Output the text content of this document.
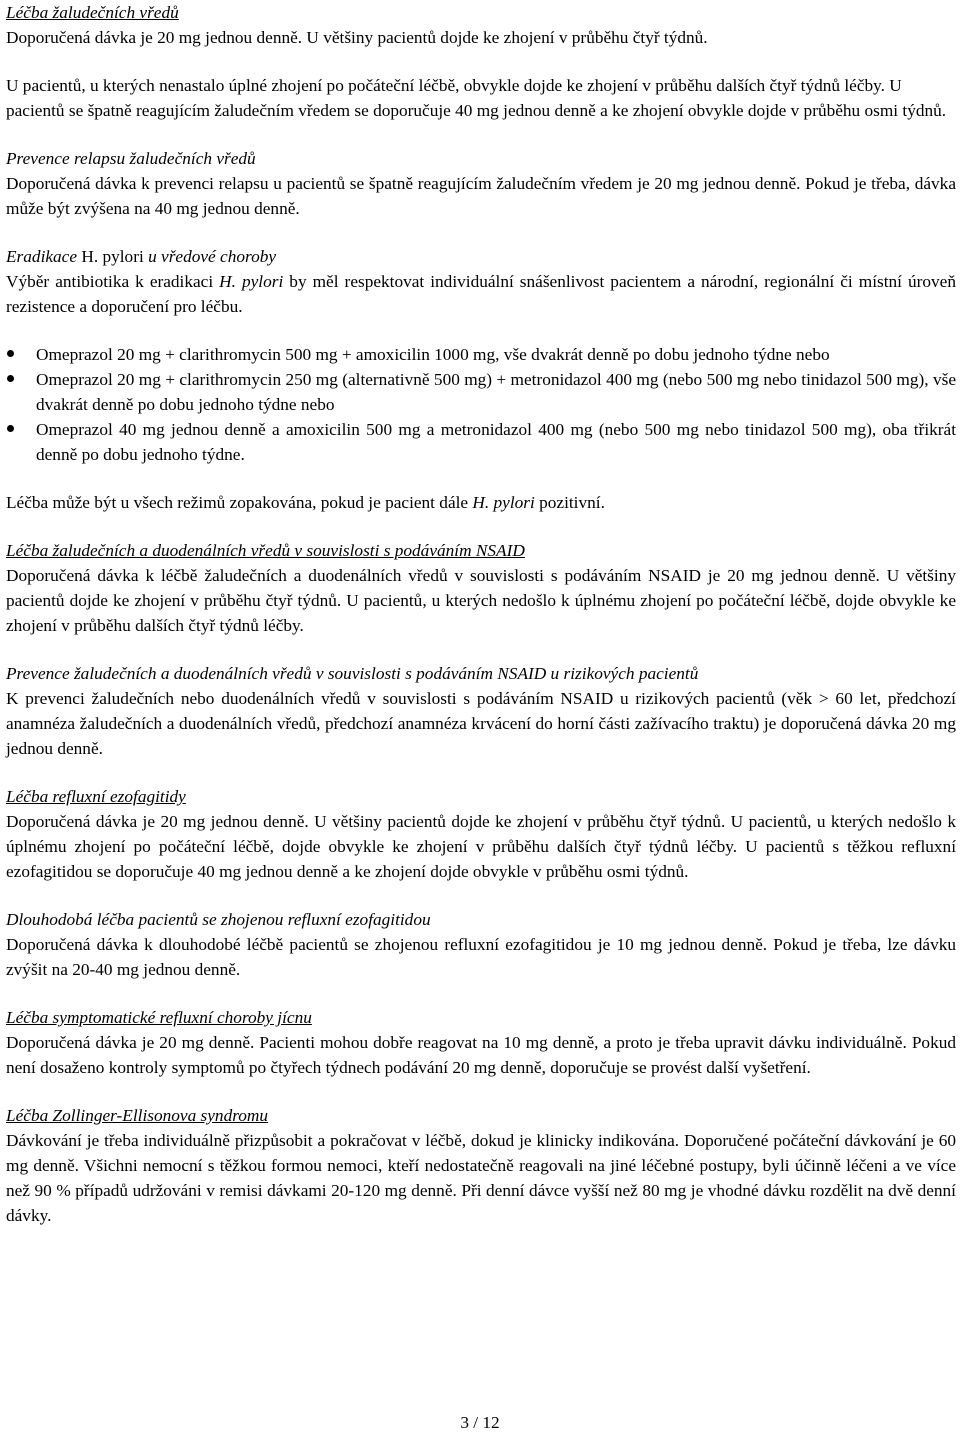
Léčba žaludečních vředů

Doporučená dávka je 20 mg jednou denně. U většiny pacientů dojde ke zhojení v průběhu čtyř týdnů.

U pacientů, u kterých nenastalo úplné zhojení po počáteční léčbě, obvykle dojde ke zhojení v průběhu dalších čtyř týdnů léčby. U pacientů se špatně reagujícím žaludečním vředem se doporučuje 40 mg jednou denně a ke zhojení obvykle dojde v průběhu osmi týdnů.

Prevence relapsu žaludečních vředů

Doporučená dávka k prevenci relapsu u pacientů se špatně reagujícím žaludečním vředem je 20 mg jednou denně. Pokud je třeba, dávka může být zvýšena na 40 mg jednou denně.

Eradikace H. pylori u vředové choroby

Výběr antibiotika k eradikaci H. pylori by měl respektovat individuální snášenlivost pacientem a národní, regionální či místní úroveň rezistence a doporučení pro léčbu.

Omeprazol 20 mg + clarithromycin 500 mg + amoxicilin 1000 mg, vše dvakrát denně po dobu jednoho týdne nebo
Omeprazol 20 mg + clarithromycin 250 mg (alternativně 500 mg) + metronidazol 400 mg (nebo 500 mg nebo tinidazol 500 mg), vše dvakrát denně po dobu jednoho týdne nebo
Omeprazol 40 mg jednou denně a amoxicilin 500 mg a metronidazol 400 mg (nebo 500 mg nebo tinidazol 500 mg), oba třikrát denně po dobu jednoho týdne.

Léčba může být u všech režimů zopakována, pokud je pacient dále H. pylori pozitivní.

Léčba žaludečních a duodenálních vředů v souvislosti s podáváním NSAID

Doporučená dávka k léčbě žaludečních a duodenálních vředů v souvislosti s podáváním NSAID je 20 mg jednou denně. U většiny pacientů dojde ke zhojení v průběhu čtyř týdnů. U pacientů, u kterých nedošlo k úplnému zhojení po počáteční léčbě, dojde obvykle ke zhojení v průběhu dalších čtyř týdnů léčby.

Prevence žaludečních a duodenálních vředů v souvislosti s podáváním NSAID u rizikových pacientů

K prevenci žaludečních nebo duodenálních vředů v souvislosti s podáváním NSAID u rizikových pacientů (věk > 60 let, předchozí anamnéza žaludečních a duodenálních vředů, předchozí anamnéza krvácení do horní části zažívacího traktu) je doporučená dávka 20 mg jednou denně.

Léčba refluxní ezofagitidy

Doporučená dávka je 20 mg jednou denně. U většiny pacientů dojde ke zhojení v průběhu čtyř týdnů. U pacientů, u kterých nedošlo k úplnému zhojení po počáteční léčbě, dojde obvykle ke zhojení v průběhu dalších čtyř týdnů léčby. U pacientů s těžkou refluxní ezofagitidou se doporučuje 40 mg jednou denně a ke zhojení dojde obvykle v průběhu osmi týdnů.

Dlouhodobá léčba pacientů se zhojenou refluxní ezofagitidou

Doporučená dávka k dlouhodobé léčbě pacientů se zhojenou refluxní ezofagitidou je 10 mg jednou denně. Pokud je třeba, lze dávku zvýšit na 20-40 mg jednou denně.

Léčba symptomatické refluxní choroby jícnu

Doporučená dávka je 20 mg denně. Pacienti mohou dobře reagovat na 10 mg denně, a proto je třeba upravit dávku individuálně. Pokud není dosaženo kontroly symptomů po čtyřech týdnech podávání 20 mg denně, doporučuje se provést další vyšetření.

Léčba Zollinger-Ellisonova syndromu

Dávkování je třeba individuálně přizpůsobit a pokračovat v léčbě, dokud je klinicky indikována. Doporučené počáteční dávkování je 60 mg denně. Všichni nemocní s těžkou formou nemoci, kteří nedostatečně reagovali na jiné léčebné postupy, byli účinně léčeni a ve více než 90 % případů udržováni v remisi dávkami 20-120 mg denně. Při denní dávce vyšší než 80 mg je vhodné dávku rozdělit na dvě denní dávky.

3 / 12
